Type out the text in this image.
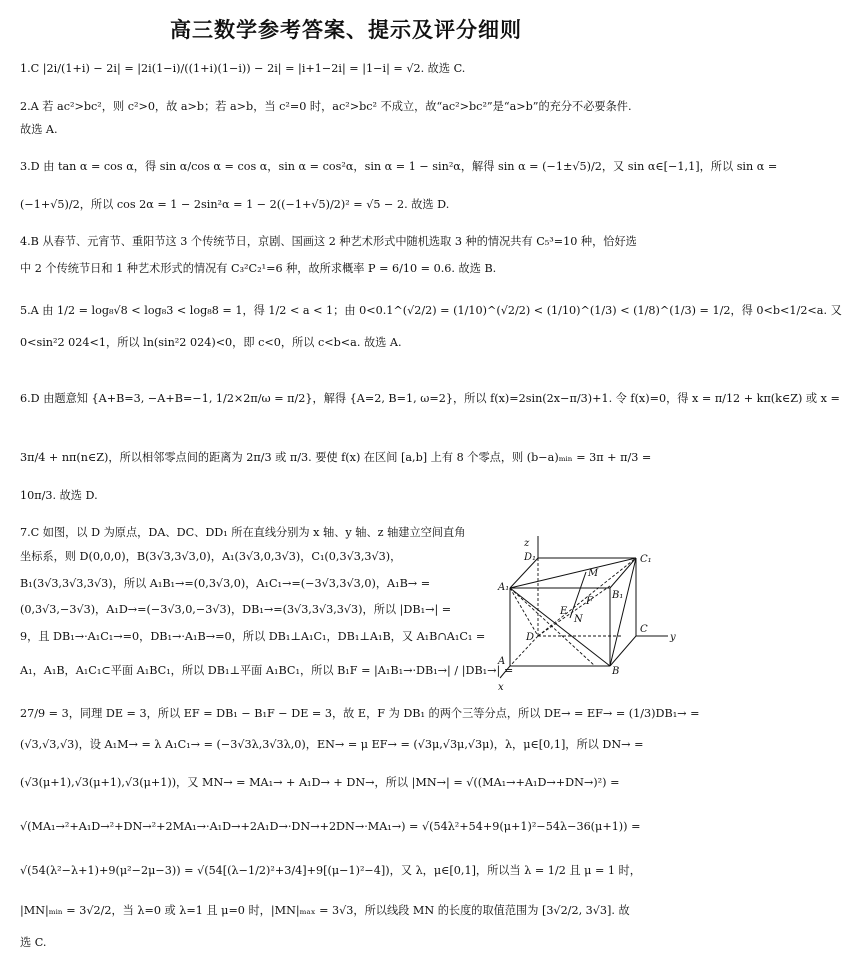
高三数学参考答案、提示及评分细则
1.C |2i/(1+i) − 2i| = |2i(1−i)/((1+i)(1−i)) − 2i| = |i+1−2i| = |1−i| = √2. 故选 C.
2.A 若 ac²>bc²，则 c²>0，故 a>b；若 a>b，当 c²=0 时，ac²>bc² 不成立，故“ac²>bc²”是“a>b”的充分不必要条件.
故选 A.
3.D 由 tan α = cos α，得 sin α/cos α = cos α，sin α = cos²α，sin α = 1 − sin²α，解得 sin α = (−1±√5)/2，又 sin α∈[−1,1]，所以 sin α =
(−1+√5)/2，所以 cos 2α = 1 − 2sin²α = 1 − 2((−1+√5)/2)² = √5 − 2. 故选 D.
4.B 从春节、元宵节、重阳节这 3 个传统节日，京剧、国画这 2 种艺术形式中随机选取 3 种的情况共有 C₅³=10 种，恰好选
中 2 个传统节日和 1 种艺术形式的情况有 C₃²C₂¹=6 种，故所求概率 P = 6/10 = 0.6. 故选 B.
5.A 由 1/2 = log₈√8 < log₈3 < log₈8 = 1，得 1/2 < a < 1；由 0<0.1^(√2/2) = (1/10)^(√2/2) < (1/10)^(1/3) < (1/8)^(1/3) = 1/2，得 0<b<1/2<a. 又
0<sin²2 024<1，所以 ln(sin²2 024)<0，即 c<0，所以 c<b<a. 故选 A.
6.D 由题意知 {A+B=3, −A+B=−1, 1/2×2π/ω = π/2}，解得 {A=2, B=1, ω=2}，所以 f(x)=2sin(2x−π/3)+1. 令 f(x)=0，得 x = π/12 + kπ(k∈Z) 或 x =
3π/4 + nπ(n∈Z)，所以相邻零点间的距离为 2π/3 或 π/3. 要使 f(x) 在区间 [a,b] 上有 8 个零点，则 (b−a)ₘᵢₙ = 3π + π/3 =
10π/3. 故选 D.
7.C 如图，以 D 为原点，DA、DC、DD₁ 所在直线分别为 x 轴、y 轴、z 轴建立空间直角
坐标系，则 D(0,0,0)，B(3√3,3√3,0)，A₁(3√3,0,3√3)，C₁(0,3√3,3√3)，
B₁(3√3,3√3,3√3)，所以 A₁B₁→=(0,3√3,0)，A₁C₁→=(−3√3,3√3,0)，A₁B→ =
(0,3√3,−3√3)，A₁D→=(−3√3,0,−3√3)，DB₁→=(3√3,3√3,3√3)，所以 |DB₁→| =
9，且 DB₁→·A₁C₁→=0，DB₁→·A₁B→=0，所以 DB₁⊥A₁C₁，DB₁⊥A₁B，又 A₁B∩A₁C₁ =
A₁，A₁B，A₁C₁⊂平面 A₁BC₁，所以 DB₁⊥平面 A₁BC₁，所以 B₁F = |A₁B₁→·DB₁→| / |DB₁→| =
27/9 = 3，同理 DE = 3，所以 EF = DB₁ − B₁F − DE = 3，故 E，F 为 DB₁ 的两个三等分点，所以 DE→ = EF→ = (1/3)DB₁→ =
(√3,√3,√3)，设 A₁M→ = λ A₁C₁→ = (−3√3λ,3√3λ,0)，EN→ = μ EF→ = (√3μ,√3μ,√3μ)，λ，μ∈[0,1]，所以 DN→ =
(√3(μ+1),√3(μ+1),√3(μ+1))，又 MN→ = MA₁→ + A₁D→ + DN→，所以 |MN→| = √((MA₁→+A₁D→+DN→)²) =
√(MA₁→²+A₁D→²+DN→²+2MA₁→·A₁D→+2A₁D→·DN→+2DN→·MA₁→) = √(54λ²+54+9(μ+1)²−54λ−36(μ+1)) =
√(54(λ²−λ+1)+9(μ²−2μ−3)) = √(54[(λ−1/2)²+3/4]+9[(μ−1)²−4])，又 λ，μ∈[0,1]，所以当 λ = 1/2 且 μ = 1 时，
|MN|ₘᵢₙ = 3√2/2，当 λ=0 或 λ=1 且 μ=0 时，|MN|ₘₐₓ = 3√3，所以线段 MN 的长度的取值范围为 [3√2/2, 3√3]. 故
选 C.
z
D₁	C₁
A₁
B₁
M
E
F
N
D
C
y
A
B
x
